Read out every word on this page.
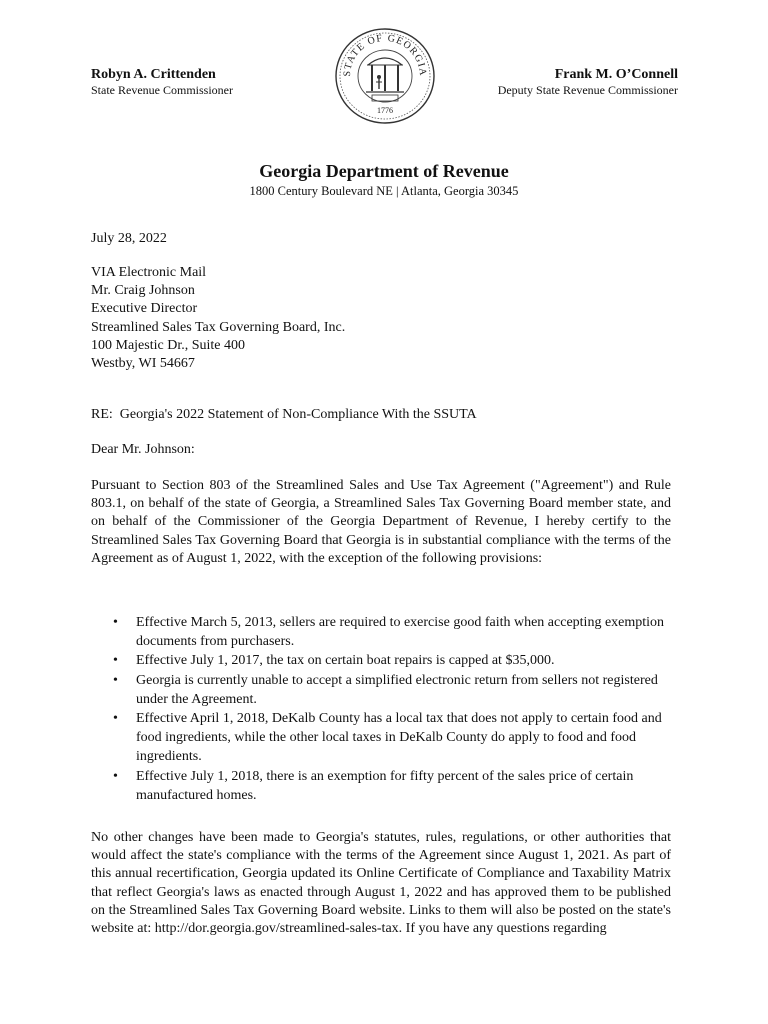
Robyn A. Crittenden
State Revenue Commissioner
STATE OF GEORGIA
1776
Frank M. O’Connell
Deputy State Revenue Commissioner
Georgia Department of Revenue
1800 Century Boulevard NE | Atlanta, Georgia 30345
July 28, 2022
VIA Electronic Mail
Mr. Craig Johnson
Executive Director
Streamlined Sales Tax Governing Board, Inc.
100 Majestic Dr., Suite 400
Westby, WI 54667
RE:  Georgia's 2022 Statement of Non-Compliance With the SSUTA
Dear Mr. Johnson:
Pursuant to Section 803 of the Streamlined Sales and Use Tax Agreement ("Agreement") and Rule 803.1, on behalf of the state of Georgia, a Streamlined Sales Tax Governing Board member state, and on behalf of the Commissioner of the Georgia Department of Revenue, I hereby certify to the Streamlined Sales Tax Governing Board that Georgia is in substantial compliance with the terms of the Agreement as of August 1, 2022, with the exception of the following provisions:
• Effective March 5, 2013, sellers are required to exercise good faith when accepting exemption documents from purchasers.
• Effective July 1, 2017, the tax on certain boat repairs is capped at $35,000.
• Georgia is currently unable to accept a simplified electronic return from sellers not registered under the Agreement.
• Effective April 1, 2018, DeKalb County has a local tax that does not apply to certain food and food ingredients, while the other local taxes in DeKalb County do apply to food and food ingredients.
• Effective July 1, 2018, there is an exemption for fifty percent of the sales price of certain manufactured homes.
No other changes have been made to Georgia's statutes, rules, regulations, or other authorities that would affect the state's compliance with the terms of the Agreement since August 1, 2021. As part of this annual recertification, Georgia updated its Online Certificate of Compliance and Taxability Matrix that reflect Georgia's laws as enacted through August 1, 2022 and has approved them to be published on the Streamlined Sales Tax Governing Board website. Links to them will also be posted on the state's website at: http://dor.georgia.gov/streamlined-sales-tax. If you have any questions regarding
